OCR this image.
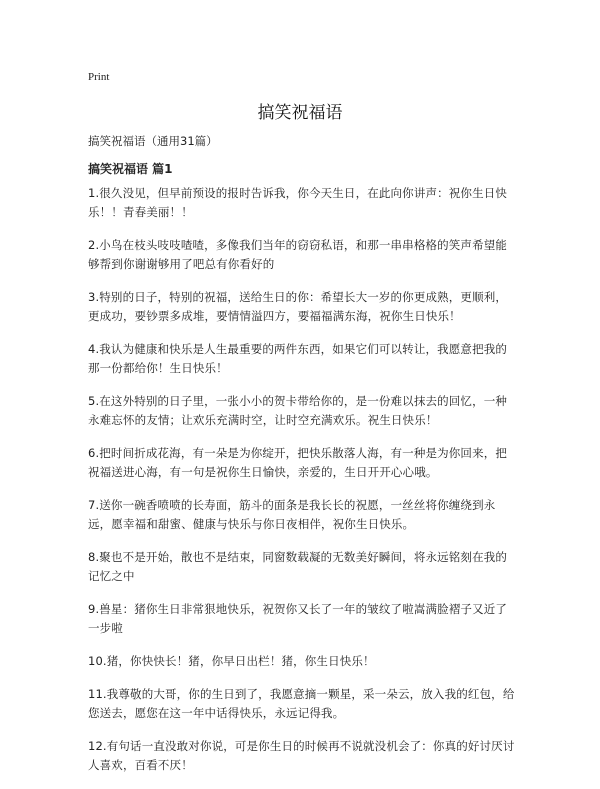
Print
搞笑祝福语

搞笑祝福语（通用31篇）

搞笑祝福语 篇1
1.很久没见，但早前预设的报时告诉我，你今天生日，在此向你讲声：祝你生日快乐！！青春美丽！！
2.小鸟在枝头吱吱喳喳，多像我们当年的窃窃私语，和那一串串格格的笑声希望能够帮到你谢谢够用了吧总有你看好的
3.特别的日子，特别的祝福，送给生日的你：希望长大一岁的你更成熟，更顺利，更成功，要钞票多成堆，要情情溢四方，要福福满东海，祝你生日快乐！
4.我认为健康和快乐是人生最重要的两件东西，如果它们可以转让，我愿意把我的那一份都给你！生日快乐！
5.在这外特别的日子里，一张小小的贺卡带给你的，是一份难以抹去的回忆，一种永难忘怀的友情；让欢乐充满时空，让时空充满欢乐。祝生日快乐！
6.把时间折成花海，有一朵是为你绽开，把快乐散落人海，有一种是为你回来，把祝福送进心海，有一句是祝你生日愉快，亲爱的，生日开开心心哦。
7.送你一碗香喷喷的长寿面，筋斗的面条是我长长的祝愿，一丝丝将你缠绕到永远，愿幸福和甜蜜、健康与快乐与你日夜相伴，祝你生日快乐。
8.聚也不是开始，散也不是结束，同窗数载凝的无数美好瞬间，将永远铭刻在我的记忆之中
9.兽星：猪你生日非常狠地快乐，祝贺你又长了一年的皱纹了啦嵩满脸褶子又近了一步啦
10.猪，你快快长！猪，你早日出栏！猪，你生日快乐！
11.我尊敬的大哥，你的生日到了，我愿意摘一颗星，采一朵云，放入我的红包，给您送去，愿您在这一年中话得快乐，永远记得我。
12.有句话一直没敢对你说，可是你生日的时候再不说就没机会了：你真的好讨厌讨人喜欢，百看不厌！
